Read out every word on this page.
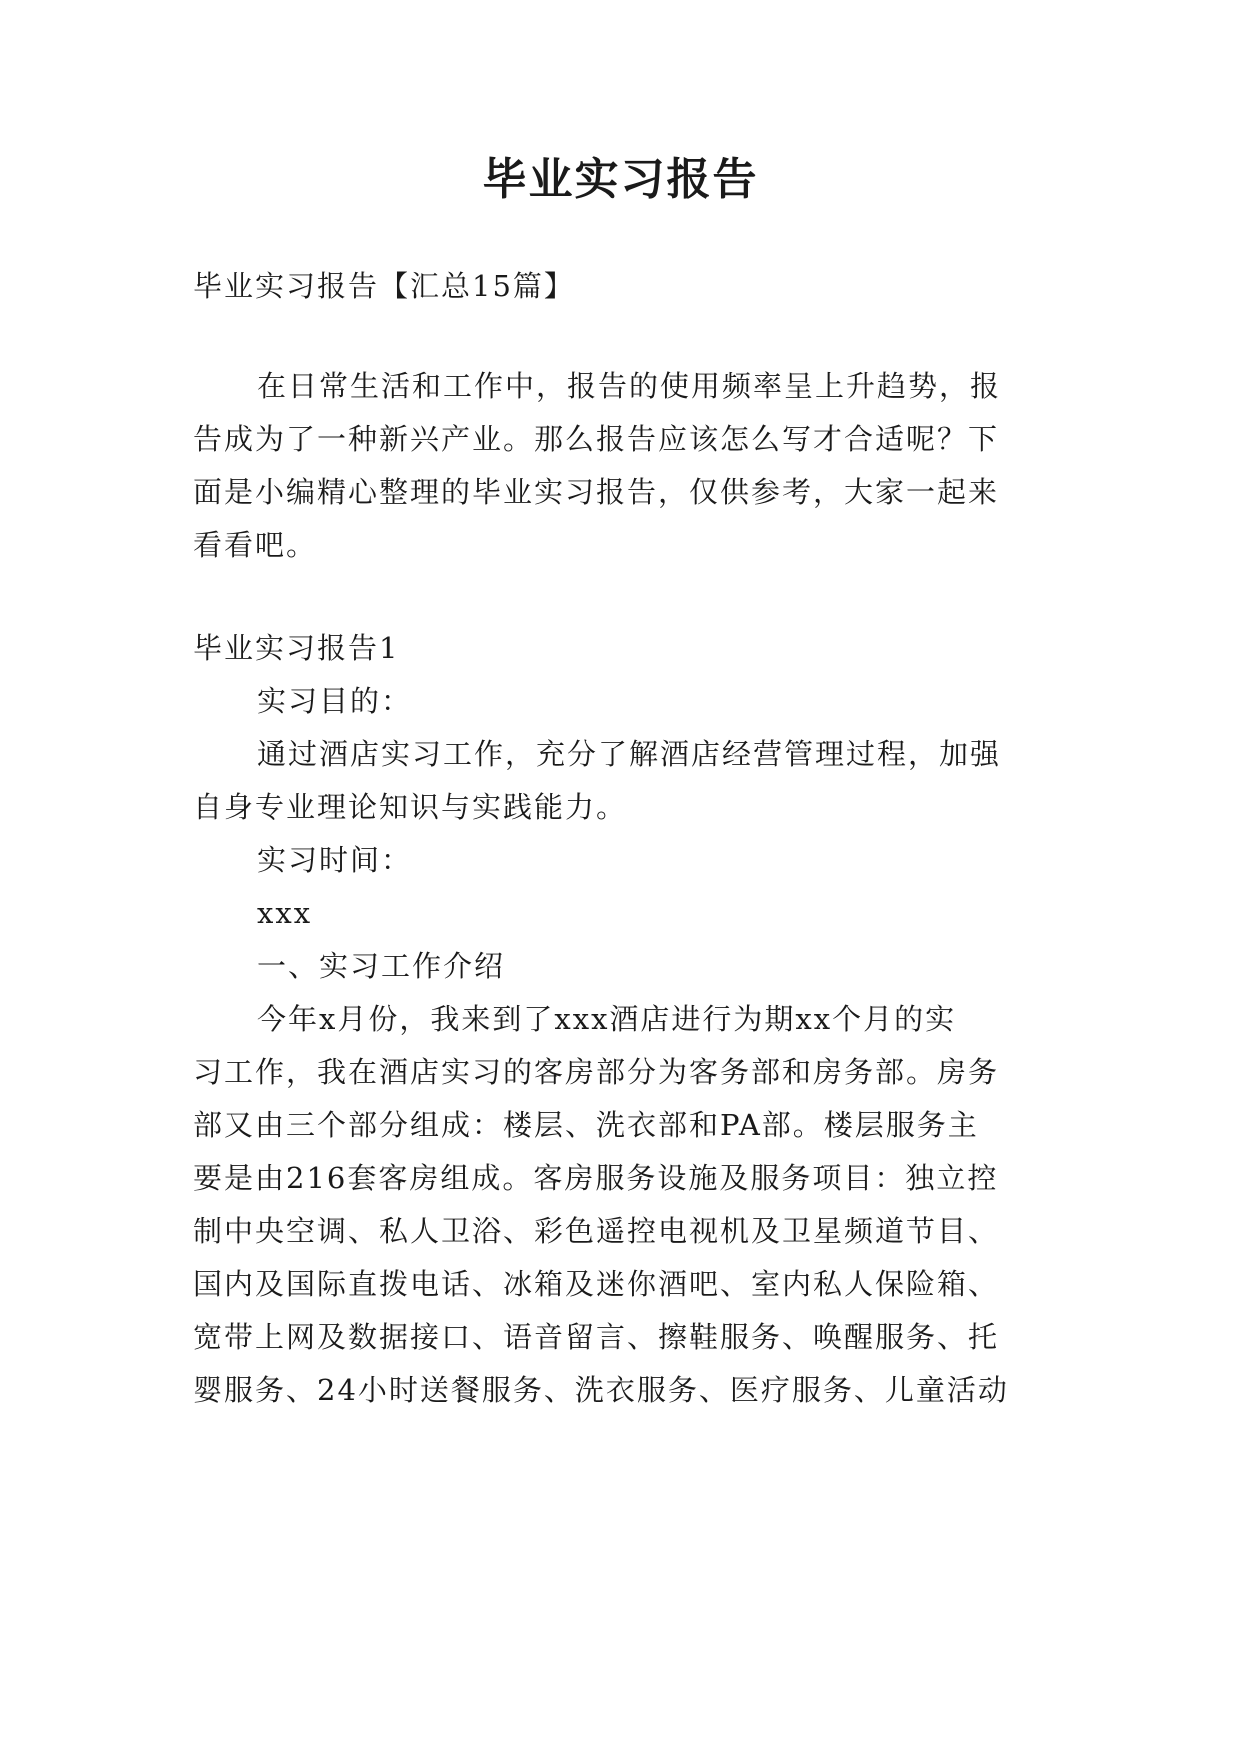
毕业实习报告
毕业实习报告【汇总15篇】
在日常生活和工作中，报告的使用频率呈上升趋势，报
告成为了一种新兴产业。那么报告应该怎么写才合适呢？下
面是小编精心整理的毕业实习报告，仅供参考，大家一起来
看看吧。
毕业实习报告1
实习目的：
通过酒店实习工作，充分了解酒店经营管理过程，加强
自身专业理论知识与实践能力。
实习时间：
xxx
一、实习工作介绍
今年x月份，我来到了xxx酒店进行为期xx个月的实
习工作，我在酒店实习的客房部分为客务部和房务部。房务
部又由三个部分组成：楼层、洗衣部和PA部。楼层服务主
要是由216套客房组成。客房服务设施及服务项目：独立控
制中央空调、私人卫浴、彩色遥控电视机及卫星频道节目、
国内及国际直拨电话、冰箱及迷你酒吧、室内私人保险箱、
宽带上网及数据接口、语音留言、擦鞋服务、唤醒服务、托
婴服务、24小时送餐服务、洗衣服务、医疗服务、儿童活动
